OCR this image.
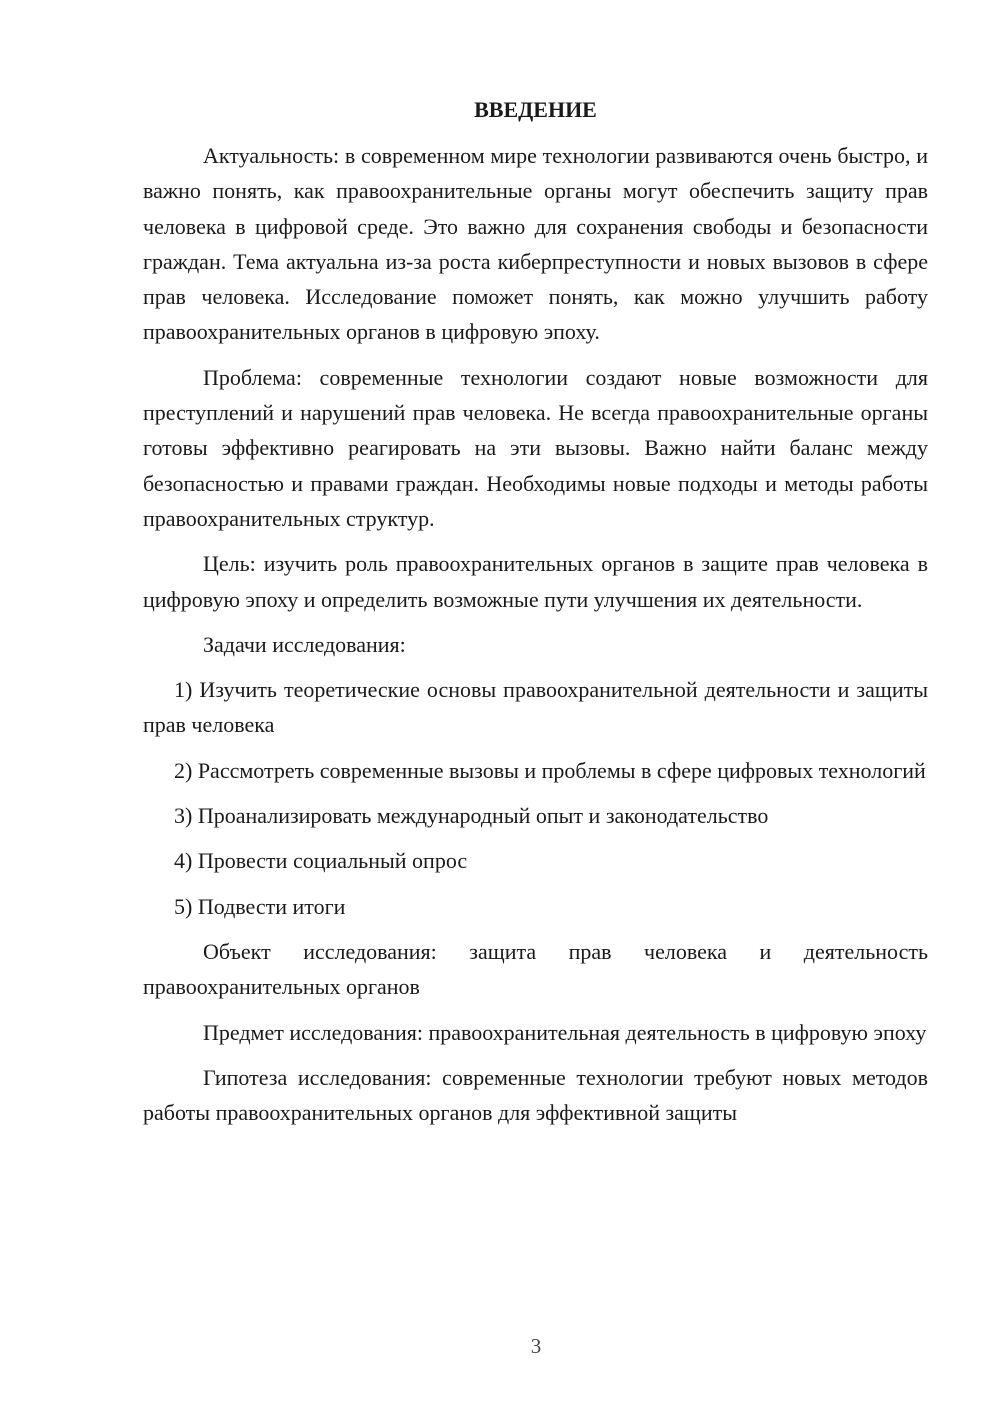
ВВЕДЕНИЕ

Актуальность: в современном мире технологии развиваются очень быстро, и важно понять, как правоохранительные органы могут обеспечить защиту прав человека в цифровой среде. Это важно для сохранения свободы и безопасности граждан. Тема актуальна из-за роста киберпреступности и новых вызовов в сфере прав человека. Исследование поможет понять, как можно улучшить работу правоохранительных органов в цифровую эпоху.

Проблема: современные технологии создают новые возможности для преступлений и нарушений прав человека. Не всегда правоохранительные органы готовы эффективно реагировать на эти вызовы. Важно найти баланс между безопасностью и правами граждан. Необходимы новые подходы и методы работы правоохранительных структур.

Цель: изучить роль правоохранительных органов в защите прав человека в цифровую эпоху и определить возможные пути улучшения их деятельности.

Задачи исследования:

1) Изучить теоретические основы правоохранительной деятельности и защиты прав человека

2) Рассмотреть современные вызовы и проблемы в сфере цифровых технологий

3) Проанализировать международный опыт и законодательство

4) Провести социальный опрос

5) Подвести итоги

Объект исследования: защита прав человека и деятельность правоохранительных органов

Предмет исследования: правоохранительная деятельность в цифровую эпоху

Гипотеза исследования: современные технологии требуют новых методов работы правоохранительных органов для эффективной защиты

3
